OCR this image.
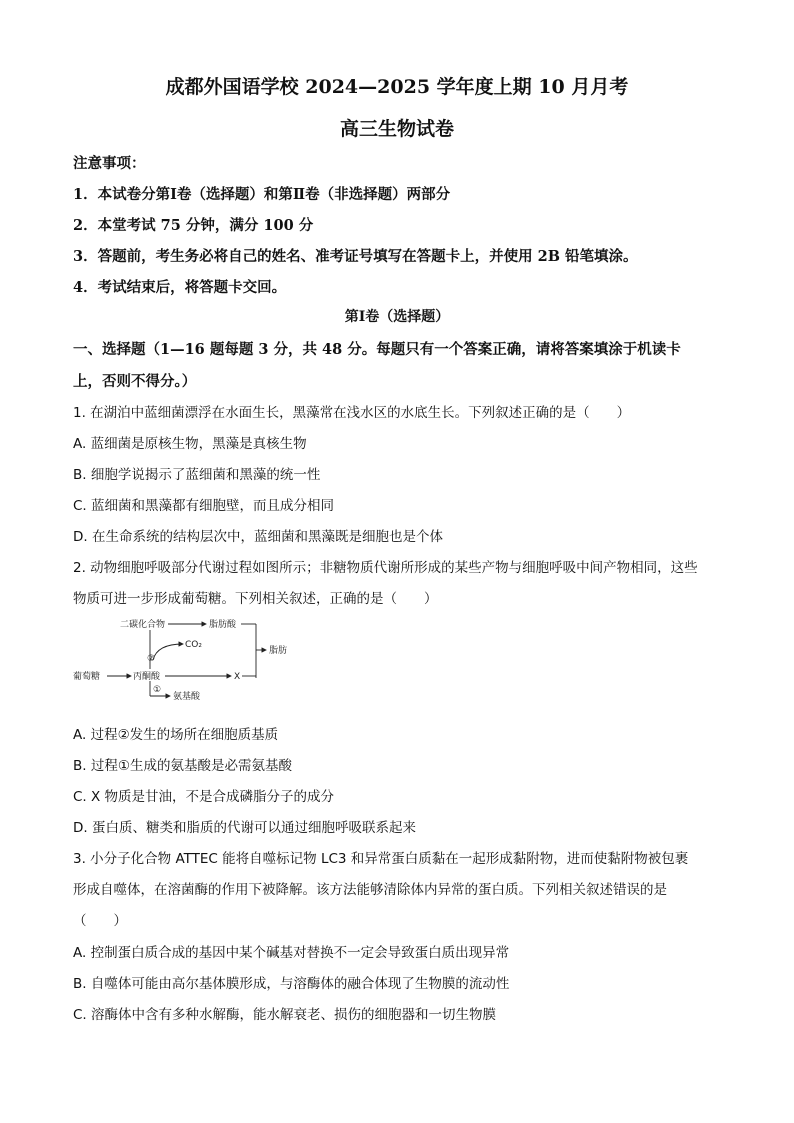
成都外国语学校 2024—2025 学年度上期 10 月月考
高三生物试卷
注意事项：
1．本试卷分第Ⅰ卷（选择题）和第Ⅱ卷（非选择题）两部分
2．本堂考试 75 分钟，满分 100 分
3．答题前，考生务必将自己的姓名、准考证号填写在答题卡上，并使用 2B 铅笔填涂。
4．考试结束后，将答题卡交回。
第Ⅰ卷（选择题）
一、选择题（1—16 题每题 3 分，共 48 分。每题只有一个答案正确，请将答案填涂于机读卡
上，否则不得分。）
1. 在湖泊中蓝细菌漂浮在水面生长，黑藻常在浅水区的水底生长。下列叙述正确的是（　　）
A. 蓝细菌是原核生物，黑藻是真核生物
B. 细胞学说揭示了蓝细菌和黑藻的统一性
C. 蓝细菌和黑藻都有细胞壁，而且成分相同
D. 在生命系统的结构层次中，蓝细菌和黑藻既是细胞也是个体
2. 动物细胞呼吸部分代谢过程如图所示；非糖物质代谢所形成的某些产物与细胞呼吸中间产物相同，这些
物质可进一步形成葡萄糖。下列相关叙述，正确的是（　　）
二碳化合物	脂肪酸
脂肪
CO₂
②
葡萄糖	丙酮酸	X
①
氨基酸
A. 过程②发生的场所在细胞质基质
B. 过程①生成的氨基酸是必需氨基酸
C. X 物质是甘油，不是合成磷脂分子的成分
D. 蛋白质、糖类和脂质的代谢可以通过细胞呼吸联系起来
3. 小分子化合物 ATTEC 能将自噬标记物 LC3 和异常蛋白质黏在一起形成黏附物，进而使黏附物被包裹
形成自噬体，在溶菌酶的作用下被降解。该方法能够清除体内异常的蛋白质。下列相关叙述错误的是
（　　）
A. 控制蛋白质合成的基因中某个碱基对替换不一定会导致蛋白质出现异常
B. 自噬体可能由高尔基体膜形成，与溶酶体的融合体现了生物膜的流动性
C. 溶酶体中含有多种水解酶，能水解衰老、损伤的细胞器和一切生物膜
